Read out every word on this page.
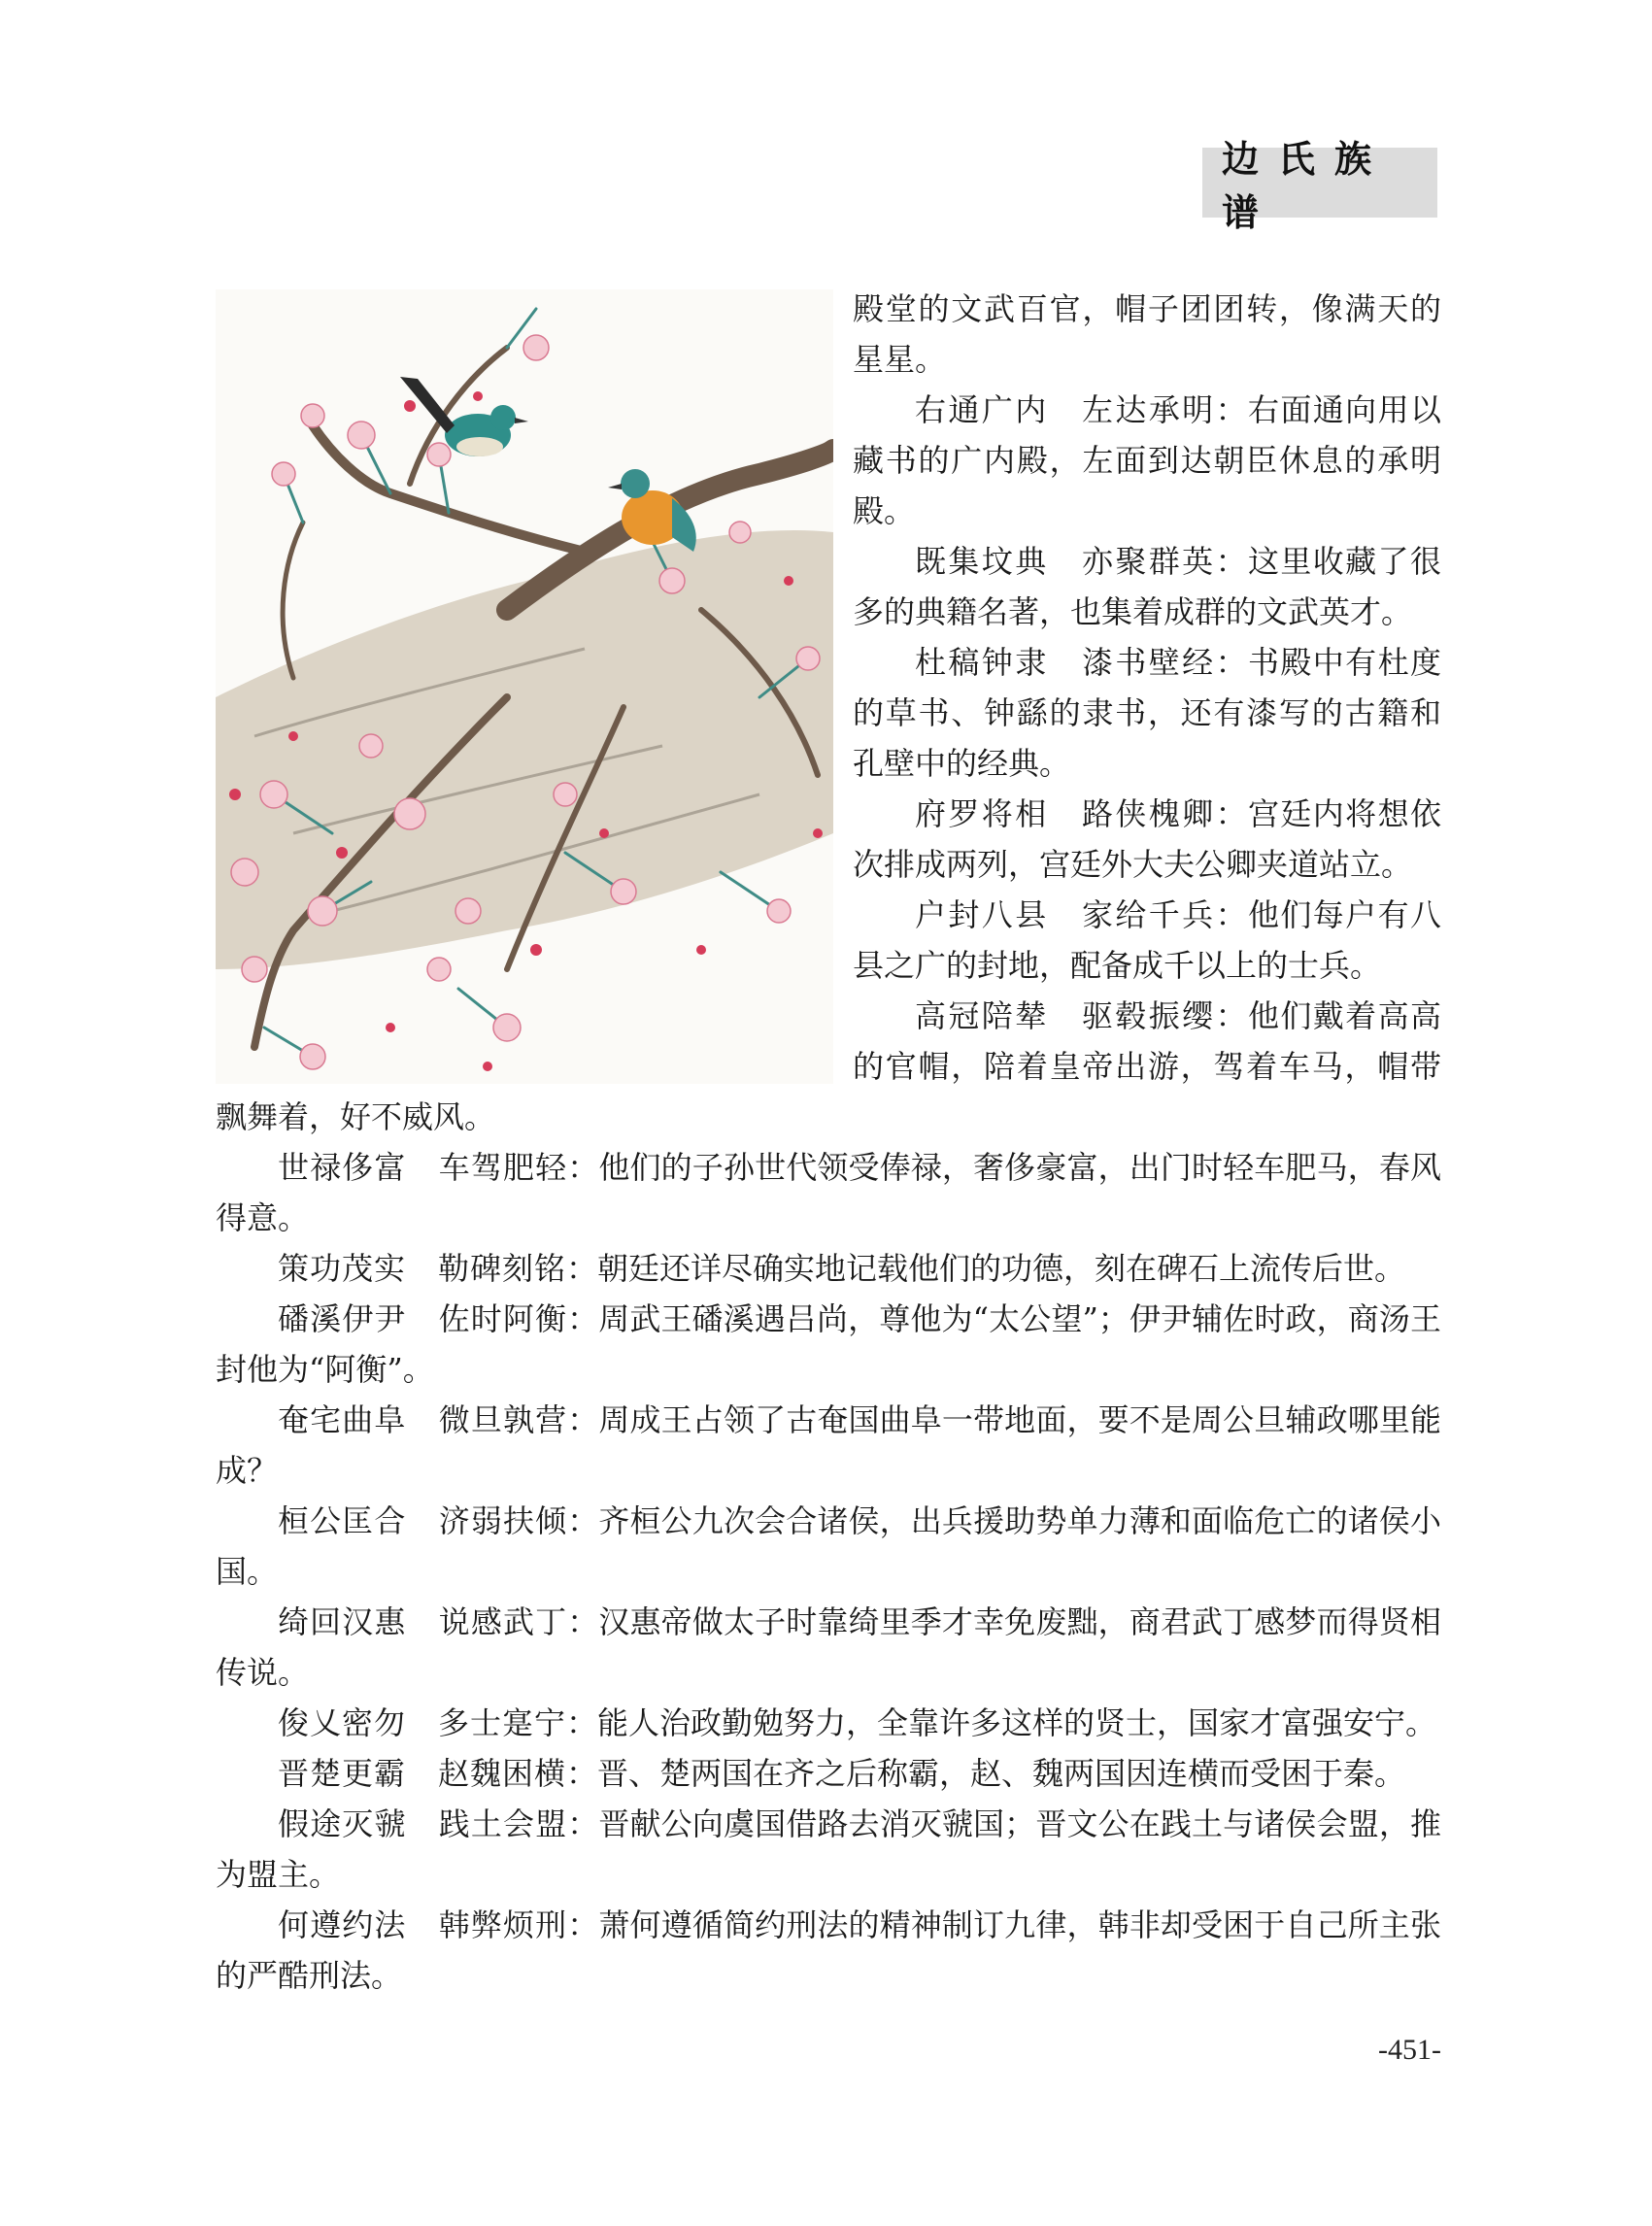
边氏族谱

殿堂的文武百官，帽子团团转，像满天的星星。

右通广内　左达承明：右面通向用以藏书的广内殿，左面到达朝臣休息的承明殿。

既集坟典　亦聚群英：这里收藏了很多的典籍名著，也集着成群的文武英才。

杜稿钟隶　漆书壁经：书殿中有杜度的草书、钟繇的隶书，还有漆写的古籍和孔壁中的经典。

府罗将相　路侠槐卿：宫廷内将想依次排成两列，宫廷外大夫公卿夹道站立。

户封八县　家给千兵：他们每户有八县之广的封地，配备成千以上的士兵。

高冠陪辇　驱毂振缨：他们戴着高高的官帽，陪着皇帝出游，驾着车马，帽带飘舞着，好不威风。

世禄侈富　车驾肥轻：他们的子孙世代领受俸禄，奢侈豪富，出门时轻车肥马，春风得意。

策功茂实　勒碑刻铭：朝廷还详尽确实地记载他们的功德，刻在碑石上流传后世。

磻溪伊尹　佐时阿衡：周武王磻溪遇吕尚，尊他为“太公望”；伊尹辅佐时政，商汤王封他为“阿衡”。

奄宅曲阜　微旦孰营：周成王占领了古奄国曲阜一带地面，要不是周公旦辅政哪里能成？

桓公匡合　济弱扶倾：齐桓公九次会合诸侯，出兵援助势单力薄和面临危亡的诸侯小国。

绮回汉惠　说感武丁：汉惠帝做太子时靠绮里季才幸免废黜，商君武丁感梦而得贤相传说。

俊乂密勿　多士寔宁：能人治政勤勉努力，全靠许多这样的贤士，国家才富强安宁。

晋楚更霸　赵魏困横：晋、楚两国在齐之后称霸，赵、魏两国因连横而受困于秦。

假途灭虢　践土会盟：晋献公向虞国借路去消灭虢国；晋文公在践土与诸侯会盟，推为盟主。

何遵约法　韩弊烦刑：萧何遵循简约刑法的精神制订九律，韩非却受困于自己所主张的严酷刑法。

-451-
